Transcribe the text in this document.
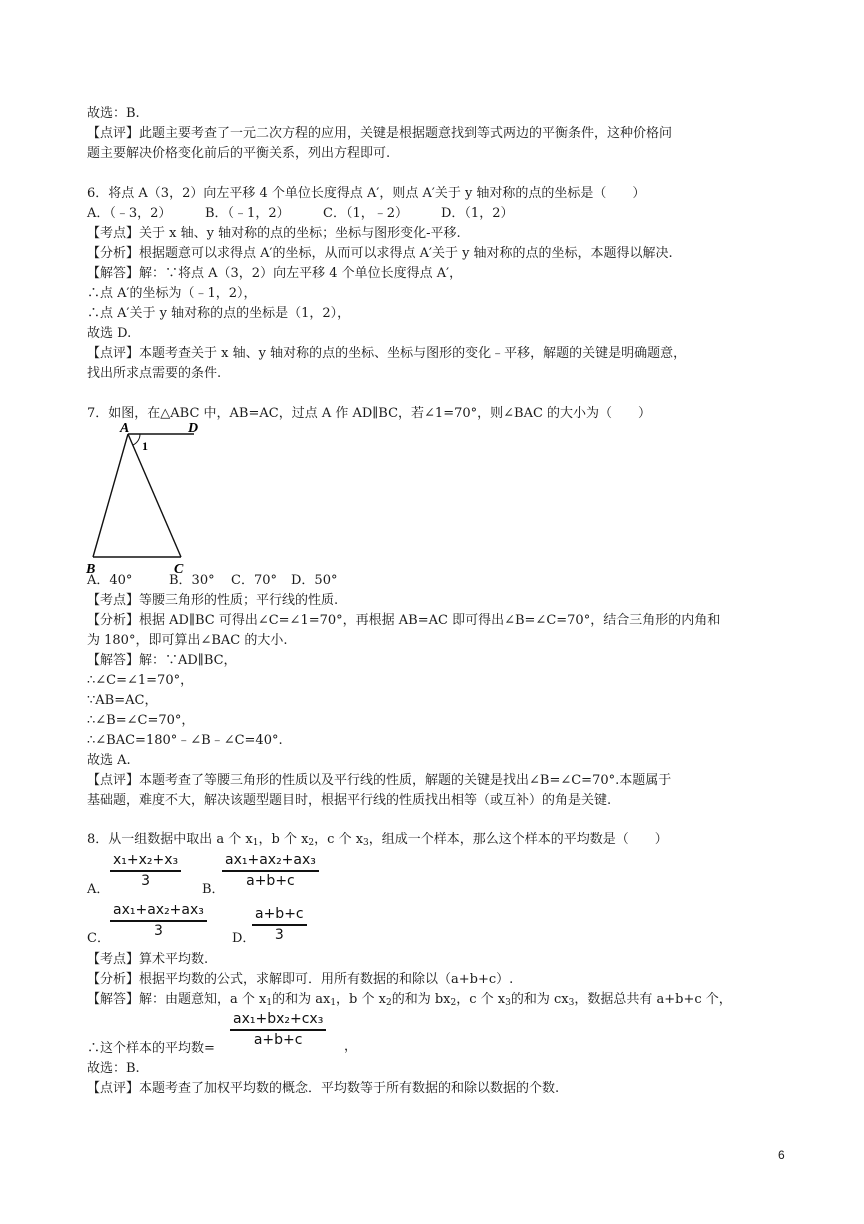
故选：B.
【点评】此题主要考查了一元二次方程的应用，关键是根据题意找到等式两边的平衡条件，这种价格问
题主要解决价格变化前后的平衡关系，列出方程即可.
6．将点 A（3，2）向左平移 4 个单位长度得点 A′，则点 A′关于 y 轴对称的点的坐标是（　　）
A．（﹣3，2）	B．（﹣1，2）	C．（1，﹣2）	D．（1，2）
【考点】关于 x 轴、y 轴对称的点的坐标；坐标与图形变化-平移.
【分析】根据题意可以求得点 A′的坐标，从而可以求得点 A′关于 y 轴对称的点的坐标，本题得以解决.
【解答】解：∵将点 A（3，2）向左平移 4 个单位长度得点 A′，
∴点 A′的坐标为（﹣1，2），
∴点 A′关于 y 轴对称的点的坐标是（1，2），
故选 D.
【点评】本题考查关于 x 轴、y 轴对称的点的坐标、坐标与图形的变化﹣平移，解题的关键是明确题意，
找出所求点需要的条件.
7．如图，在△ABC 中，AB=AC，过点 A 作 AD∥BC，若∠1=70°，则∠BAC 的大小为（　　）
A	D
1
B	C
A．40°	B．30° C．70° D．50°
【考点】等腰三角形的性质；平行线的性质.
【分析】根据 AD∥BC 可得出∠C=∠1=70°，再根据 AB=AC 即可得出∠B=∠C=70°，结合三角形的内角和
为 180°，即可算出∠BAC 的大小.
【解答】解：∵AD∥BC，
∴∠C=∠1=70°，
∵AB=AC，
∴∠B=∠C=70°，
∴∠BAC=180°﹣∠B﹣∠C=40°.
故选 A.
【点评】本题考查了等腰三角形的性质以及平行线的性质，解题的关键是找出∠B=∠C=70°.本题属于
基础题，难度不大，解决该题型题目时，根据平行线的性质找出相等（或互补）的角是关键.
8．从一组数据中取出 a 个 $x_1$，b 个 $x_2$，c 个 $x_3$，组成一个样本，那么这个样本的平均数是（　　）
x₁+x₂+x₃
3
A．
ax₁+ax₂+ax₃
a+b+c
B．
ax₁+ax₂+ax₃
3
C．
a+b+c
3
D．
【考点】算术平均数.
【分析】根据平均数的公式，求解即可．用所有数据的和除以（a+b+c）.
【解答】解：由题意知，a 个 $x_1$的和为 $ax_1$，b 个 $x_2$的和为 $bx_2$，c 个 $x_3$的和为 $cx_3$，数据总共有 a+b+c 个，
ax₁+bx₂+cx₃
a+b+c
∴这个样本的平均数=	，
故选：B.
【点评】本题考查了加权平均数的概念．平均数等于所有数据的和除以数据的个数.
6
